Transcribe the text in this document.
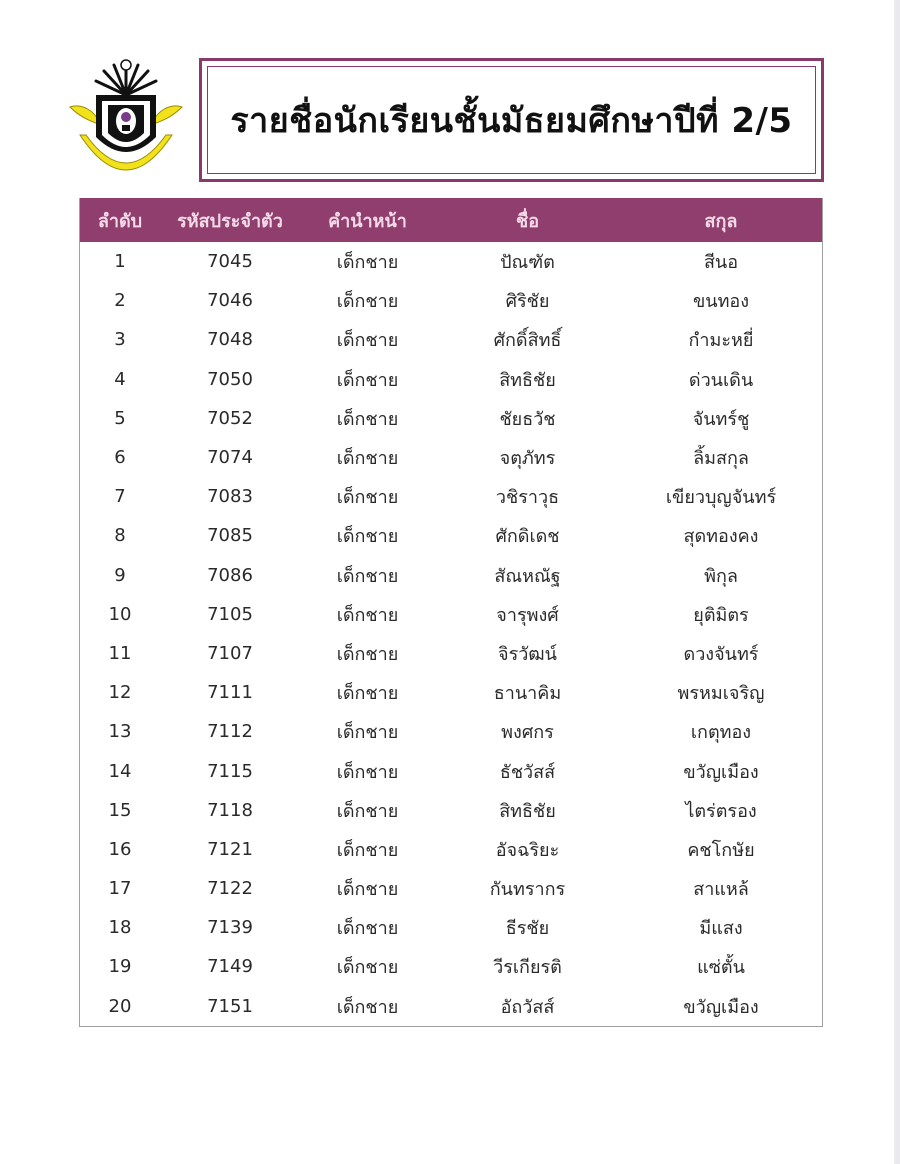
รายชื่อนักเรียนชั้นมัธยมศึกษาปีที่ 2/5
ลำดับ	รหัสประจำตัว	คำนำหน้า	ชื่อ	สกุล
1	7045	เด็กชาย	ปัณฑัต	สีนอ
2	7046	เด็กชาย	ศิริชัย	ขนทอง
3	7048	เด็กชาย	ศักดิ์สิทธิ์	กำมะหยี่
4	7050	เด็กชาย	สิทธิชัย	ด่วนเดิน
5	7052	เด็กชาย	ชัยธวัช	จันทร์ชู
6	7074	เด็กชาย	จตุภัทร	ลิ้มสกุล
7	7083	เด็กชาย	วชิราวุธ	เขียวบุญจันทร์
8	7085	เด็กชาย	ศักดิเดช	สุดทองคง
9	7086	เด็กชาย	สัณหณัฐ	พิกุล
10	7105	เด็กชาย	จารุพงศ์	ยุติมิตร
11	7107	เด็กชาย	จิรวัฒน์	ดวงจันทร์
12	7111	เด็กชาย	ธานาคิม	พรหมเจริญ
13	7112	เด็กชาย	พงศกร	เกตุทอง
14	7115	เด็กชาย	ธัชวัสส์	ขวัญเมือง
15	7118	เด็กชาย	สิทธิชัย	ไตร่ตรอง
16	7121	เด็กชาย	อัจฉริยะ	คชโกษัย
17	7122	เด็กชาย	กันทรากร	สาแหล้
18	7139	เด็กชาย	ธีรชัย	มีแสง
19	7149	เด็กชาย	วีรเกียรติ	แซ่ตั้น
20	7151	เด็กชาย	อัถวัสส์	ขวัญเมือง
